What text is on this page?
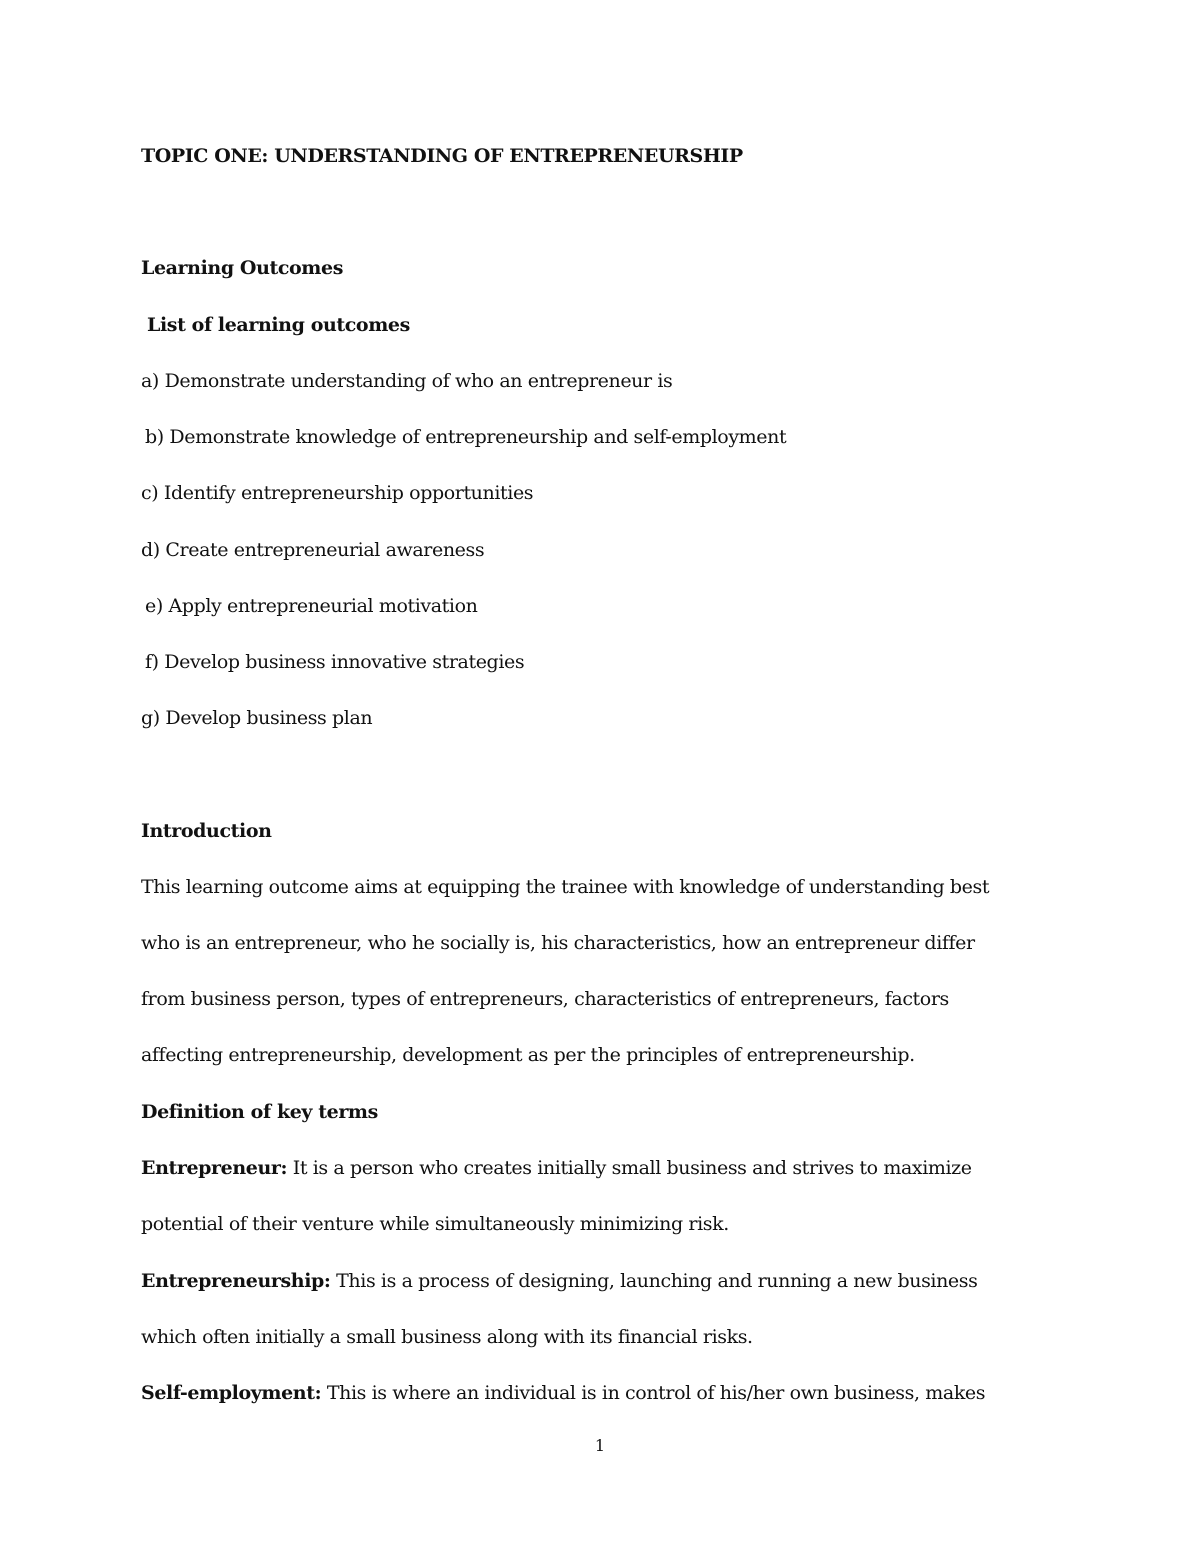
TOPIC ONE: UNDERSTANDING OF ENTREPRENEURSHIP
Learning Outcomes
List of learning outcomes
a) Demonstrate understanding of who an entrepreneur is
b) Demonstrate knowledge of entrepreneurship and self-employment
c) Identify entrepreneurship opportunities
d) Create entrepreneurial awareness
e) Apply entrepreneurial motivation
f) Develop business innovative strategies
g) Develop business plan
Introduction
This learning outcome aims at equipping the trainee with knowledge of understanding best
who is an entrepreneur, who he socially is, his characteristics, how an entrepreneur differ
from business person, types of entrepreneurs, characteristics of entrepreneurs, factors
affecting entrepreneurship, development as per the principles of entrepreneurship.
Definition of key terms
Entrepreneur: It is a person who creates initially small business and strives to maximize
potential of their venture while simultaneously minimizing risk.
Entrepreneurship: This is a process of designing, launching and running a new business
which often initially a small business along with its financial risks.
Self-employment: This is where an individual is in control of his/her own business, makes
1
